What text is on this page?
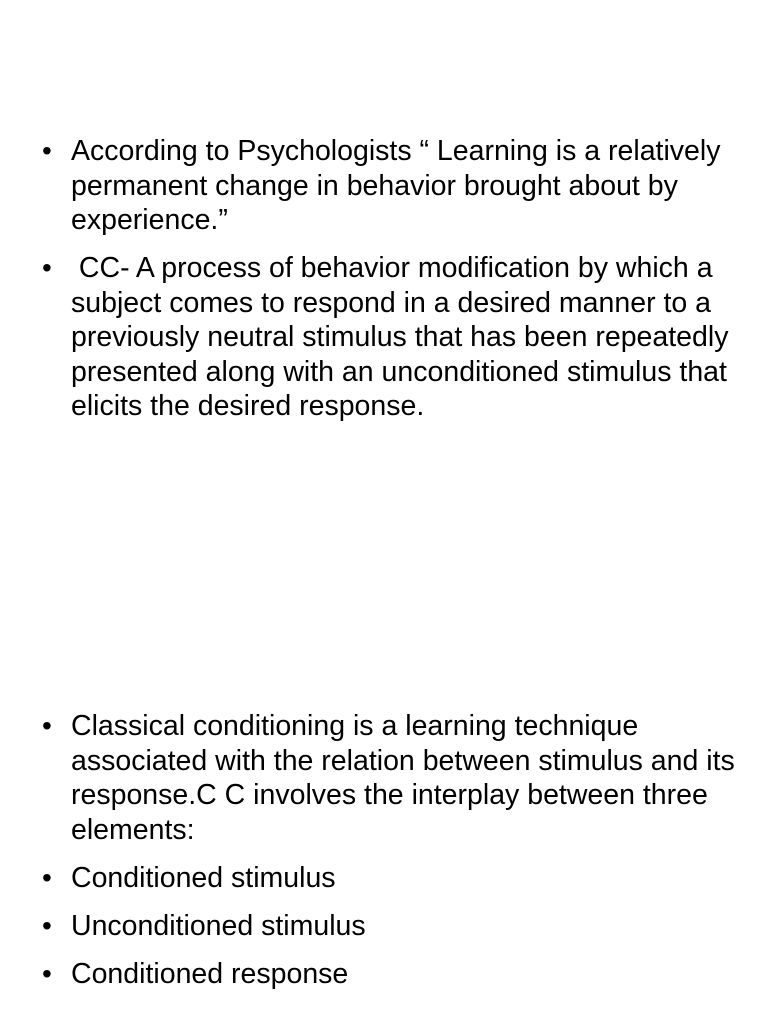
• According to Psychologists “ Learning is a relatively permanent change in behavior brought about by experience.”
• CC- A process of behavior modification by which a subject comes to respond in a desired manner to a previously neutral stimulus that has been repeatedly presented along with an unconditioned stimulus that elicits the desired response.
• Classical conditioning is a learning technique associated with the relation between stimulus and its response.C C involves the interplay between three elements:
• Conditioned stimulus
• Unconditioned stimulus
• Conditioned response
